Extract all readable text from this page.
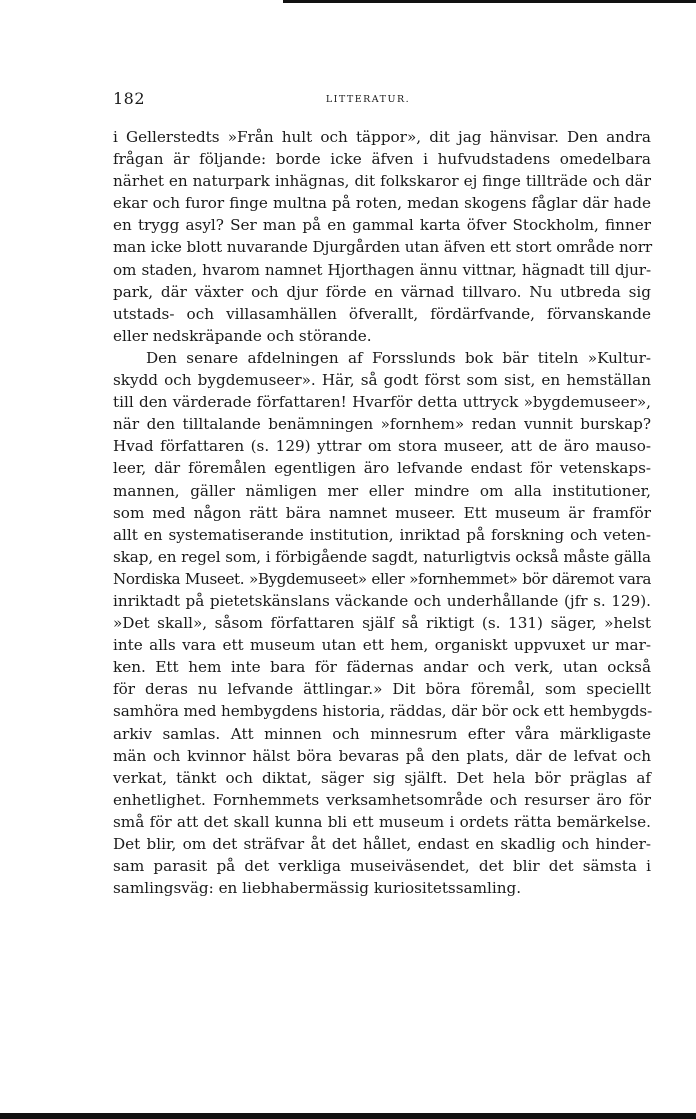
182	LITTERATUR.
i Gellerstedts »Från hult och täppor», dit jag hänvisar. Den andra
frågan är följande: borde icke äfven i hufvudstadens omedelbara
närhet en naturpark inhägnas, dit folkskaror ej finge tillträde och där
ekar och furor finge multna på roten, medan skogens fåglar där hade
en trygg asyl? Ser man på en gammal karta öfver Stockholm, finner
man icke blott nuvarande Djurgården utan äfven ett stort område norr
om staden, hvarom namnet Hjorthagen ännu vittnar, hägnadt till djur-
park, där växter och djur förde en värnad tillvaro. Nu utbreda sig
utstads- och villasamhällen öfverallt, fördärfvande, förvanskande
eller nedskräpande och störande.
Den senare afdelningen af Forsslunds bok bär titeln »Kultur-
skydd och bygdemuseer». Här, så godt först som sist, en hemställan
till den värderade författaren! Hvarför detta uttryck »bygdemuseer»,
när den tilltalande benämningen »fornhem» redan vunnit burskap?
Hvad författaren (s. 129) yttrar om stora museer, att de äro mauso-
leer, där föremålen egentligen äro lefvande endast för vetenskaps-
mannen, gäller nämligen mer eller mindre om alla institutioner,
som med någon rätt bära namnet museer. Ett museum är framför
allt en systematiserande institution, inriktad på forskning och veten-
skap, en regel som, i förbigående sagdt, naturligtvis också måste gälla
Nordiska Museet. »Bygdemuseet» eller »fornhemmet» bör däremot vara
inriktadt på pietetskänslans väckande och underhållande (jfr s. 129).
»Det skall», såsom författaren själf så riktigt (s. 131) säger, »helst
inte alls vara ett museum utan ett hem, organiskt uppvuxet ur mar-
ken. Ett hem inte bara för fädernas andar och verk, utan också
för deras nu lefvande ättlingar.» Dit böra föremål, som speciellt
samhöra med hembygdens historia, räddas, där bör ock ett hembygds-
arkiv samlas. Att minnen och minnesrum efter våra märkligaste
män och kvinnor hälst böra bevaras på den plats, där de lefvat och
verkat, tänkt och diktat, säger sig själft. Det hela bör präglas af
enhetlighet. Fornhemmets verksamhetsområde och resurser äro för
små för att det skall kunna bli ett museum i ordets rätta bemärkelse.
Det blir, om det sträfvar åt det hållet, endast en skadlig och hinder-
sam parasit på det verkliga museiväsendet, det blir det sämsta i
samlingsväg: en liebhabermässig kuriositetssamling.
